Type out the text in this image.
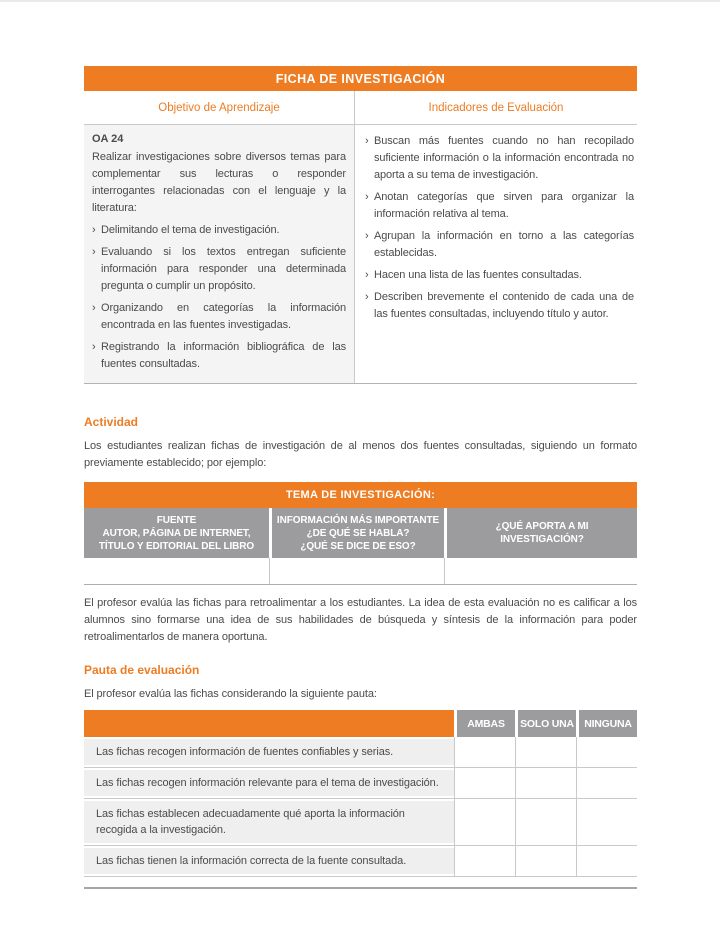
FICHA DE INVESTIGACIÓN
Objetivo de Aprendizaje	Indicadores de Evaluación
OA 24
Realizar investigaciones sobre diversos temas para complementar sus lecturas o responder interrogantes relacionadas con el lenguaje y la literatura:
› Delimitando el tema de investigación.
› Evaluando si los textos entregan suficiente información para responder una determinada pregunta o cumplir un propósito.
› Organizando en categorías la información encontrada en las fuentes investigadas.
› Registrando la información bibliográfica de las fuentes consultadas.
› Buscan más fuentes cuando no han recopilado suficiente información o la información encontrada no aporta a su tema de investigación.
› Anotan categorías que sirven para organizar la información relativa al tema.
› Agrupan la información en torno a las categorías establecidas.
› Hacen una lista de las fuentes consultadas.
› Describen brevemente el contenido de cada una de las fuentes consultadas, incluyendo título y autor.
Actividad
Los estudiantes realizan fichas de investigación de al menos dos fuentes consultadas, siguiendo un formato previamente establecido; por ejemplo:
TEMA DE INVESTIGACIÓN:
FUENTE
AUTOR, PÁGINA DE INTERNET,
TÍTULO Y EDITORIAL DEL LIBRO
INFORMACIÓN MÁS IMPORTANTE
¿DE QUÉ SE HABLA?
¿QUÉ SE DICE DE ESO?
¿QUÉ APORTA A MI
INVESTIGACIÓN?
El profesor evalúa las fichas para retroalimentar a los estudiantes. La idea de esta evaluación no es calificar a los alumnos sino formarse una idea de sus habilidades de búsqueda y síntesis de la información para poder retroalimentarlos de manera oportuna.
Pauta de evaluación
El profesor evalúa las fichas considerando la siguiente pauta:
AMBAS	SOLO UNA NINGUNA
Las fichas recogen información de fuentes confiables y serias.
Las fichas recogen información relevante para el tema de investigación.
Las fichas establecen adecuadamente qué aporta la información recogida a la investigación.
Las fichas tienen la información correcta de la fuente consultada.
